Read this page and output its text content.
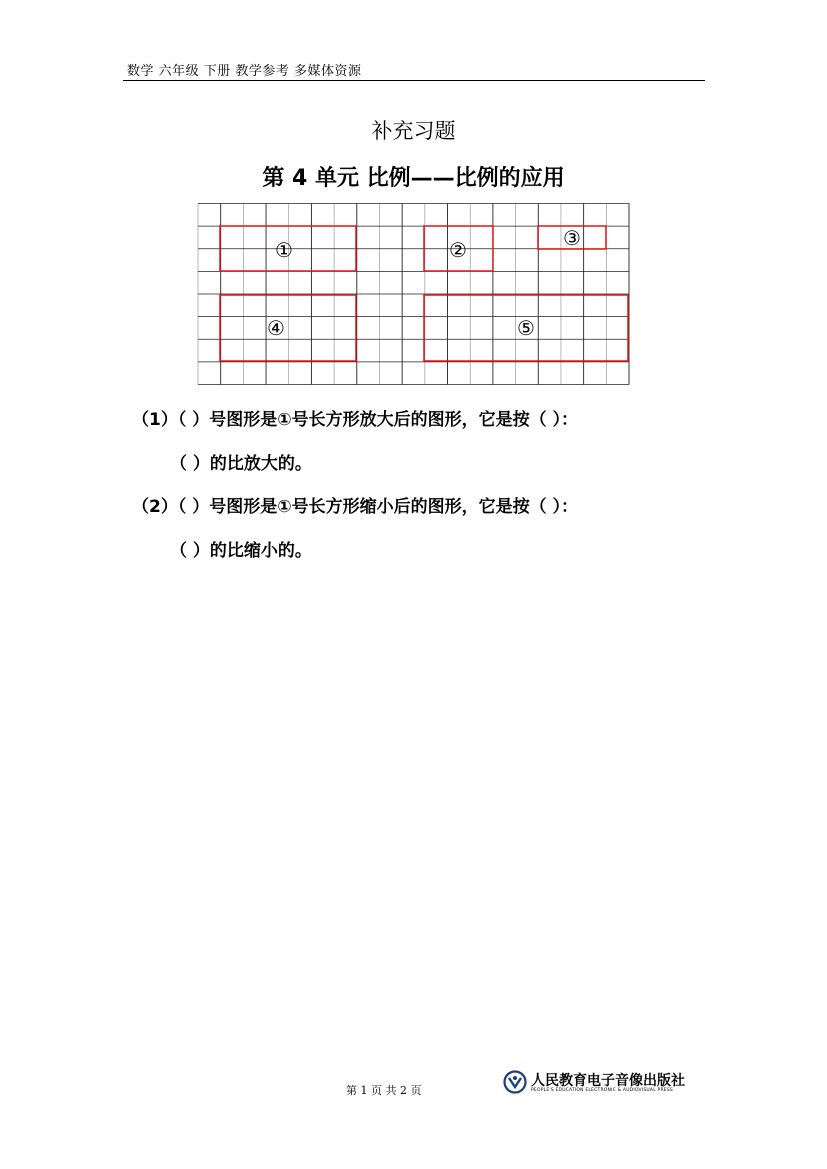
数学 六年级 下册 教学参考 多媒体资源
补充习题
第 4 单元 比例——比例的应用
①	②	③
④	⑤
（1）（ ）号图形是①号长方形放大后的图形，它是按（ ）：
（ ）的比放大的。
（2）（ ）号图形是①号长方形缩小后的图形，它是按（ ）：
（ ）的比缩小的。
第 1 页 共 2 页
人民教育电子音像出版社
PEOPLE'S EDUCATION ELECTRONIC & AUDIOVISUAL PRESS
